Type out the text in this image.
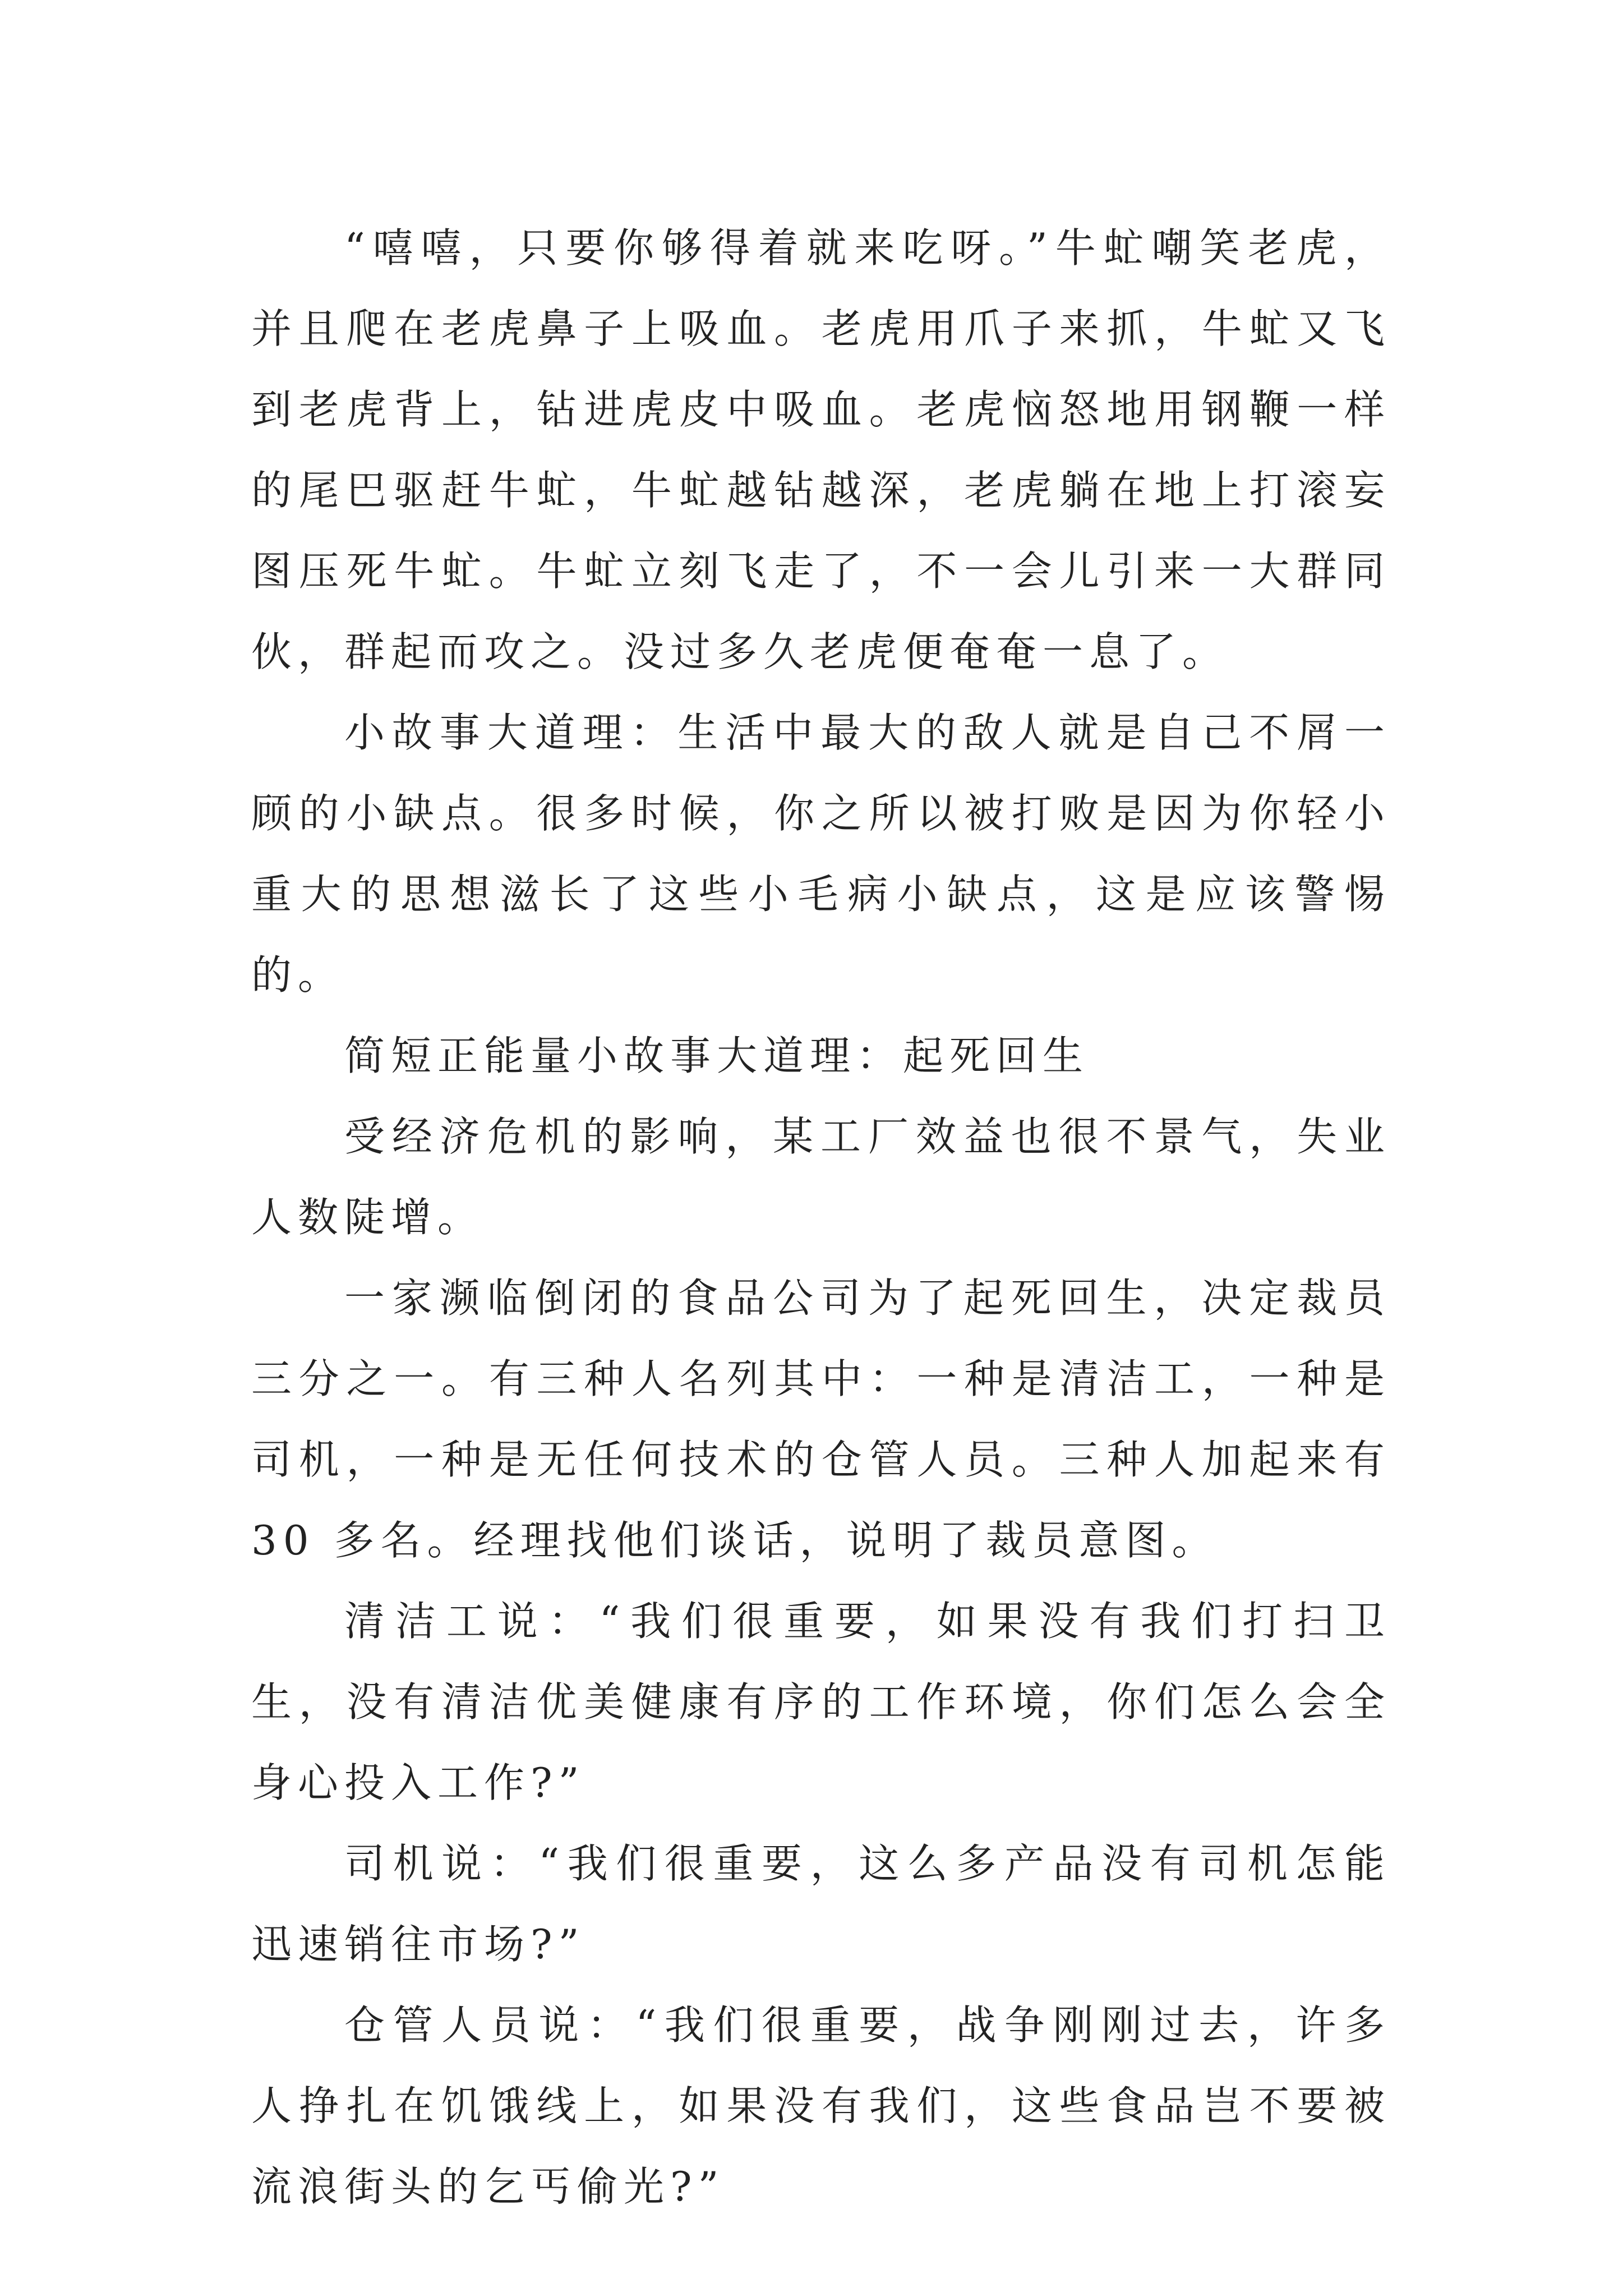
“嘻嘻，只要你够得着就来吃呀。”牛虻嘲笑老虎，并且爬在老虎鼻子上吸血。老虎用爪子来抓，牛虻又飞到老虎背上，钻进虎皮中吸血。老虎恼怒地用钢鞭一样的尾巴驱赶牛虻，牛虻越钻越深，老虎躺在地上打滚妄图压死牛虻。牛虻立刻飞走了，不一会儿引来一大群同伙，群起而攻之。没过多久老虎便奄奄一息了。

小故事大道理：生活中最大的敌人就是自己不屑一顾的小缺点。很多时候，你之所以被打败是因为你轻小重大的思想滋长了这些小毛病小缺点，这是应该警惕的。

简短正能量小故事大道理：起死回生

受经济危机的影响，某工厂效益也很不景气，失业人数陡增。

一家濒临倒闭的食品公司为了起死回生，决定裁员三分之一。有三种人名列其中：一种是清洁工，一种是司机，一种是无任何技术的仓管人员。三种人加起来有 30 多名。经理找他们谈话，说明了裁员意图。

清洁工说：“我们很重要，如果没有我们打扫卫生，没有清洁优美健康有序的工作环境，你们怎么会全身心投入工作?”

司机说：“我们很重要，这么多产品没有司机怎能迅速销往市场?”

仓管人员说：“我们很重要，战争刚刚过去，许多人挣扎在饥饿线上，如果没有我们，这些食品岂不要被流浪街头的乞丐偷光?”
